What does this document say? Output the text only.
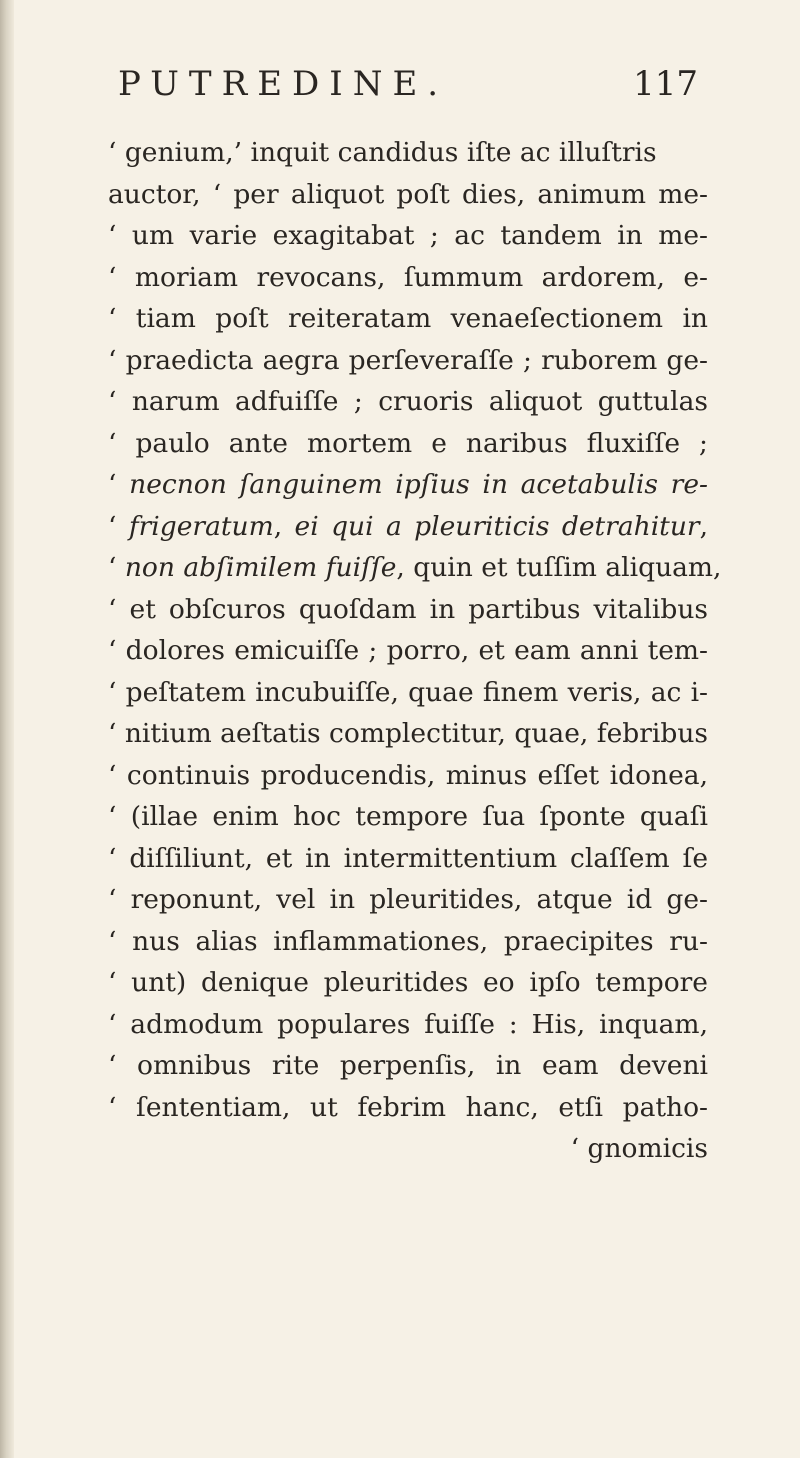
PUTREDINE.	117
‘ genium,’ inquit candidus iſte ac illuſtris
auctor, ‘ per aliquot poſt dies, animum me-
‘ um varie exagitabat ; ac tandem in me-
‘ moriam revocans, ſummum ardorem, e-
‘ tiam poſt reiteratam venaeſectionem in
‘ praedicta aegra perſeveraſſe ; ruborem ge-
‘ narum adfuiſſe ; cruoris aliquot guttulas
‘ paulo ante mortem e naribus fluxiſſe ;
‘ necnon ſanguinem ipſius in acetabulis re-
‘ frigeratum, ei qui a pleuriticis detrahitur,
‘ non abſimilem fuiſſe, quin et tuſſim aliquam,
‘ et obſcuros quoſdam in partibus vitalibus
‘ dolores emicuiſſe ; porro, et eam anni tem-
‘ peſtatem incubuiſſe, quae finem veris, ac i-
‘ nitium aeſtatis complectitur, quae, febribus
‘ continuis producendis, minus eſſet idonea,
‘ (illae enim hoc tempore ſua ſponte quaſi
‘ diſſiliunt, et in intermittentium claſſem ſe
‘ reponunt, vel in pleuritides, atque id ge-
‘ nus alias inflammationes, praecipites ru-
‘ unt) denique pleuritides eo ipſo tempore
‘ admodum populares fuiſſe : His, inquam,
‘ omnibus rite perpenſis, in eam deveni
‘ ſententiam, ut febrim hanc, etſi patho-
‘ gnomicis
